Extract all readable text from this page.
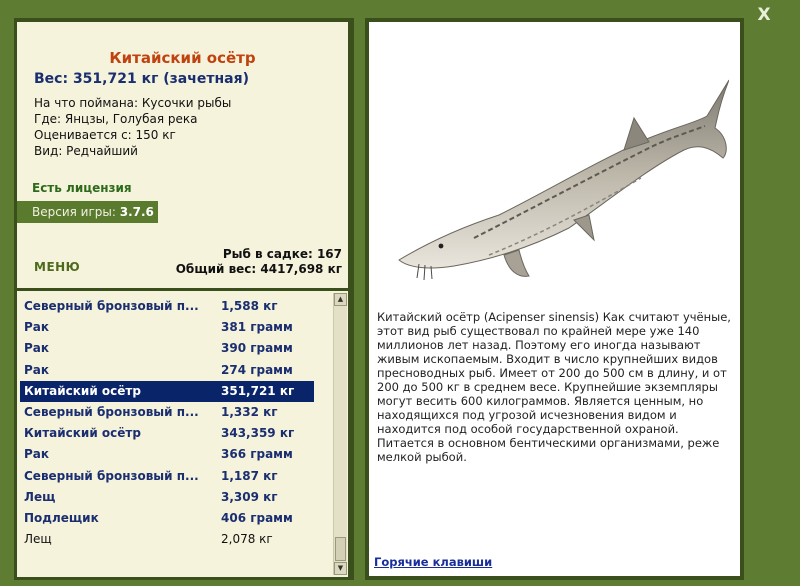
X
Китайский осётр
Вес: 351,721 кг (зачетная)
На что поймана: Кусочки рыбы
Где: Янцзы, Голубая река
Оценивается с: 150 кг
Вид: Редчайший
Есть лицензия
Версия игры: 3.7.6
МЕНЮ
Рыб в садке: 167
Общий вес: 4417,698 кг
Северный бронзовый п...	1,588 кг
Рак	381 грамм
Рак	390 грамм
Рак	274 грамм
Китайский осётр	351,721 кг
Северный бронзовый п...	1,332 кг
Китайский осётр	343,359 кг
Рак	366 грамм
Северный бронзовый п...	1,187 кг
Лещ	3,309 кг
Подлещик	406 грамм
Лещ	2,078 кг
▲
▼
Китайский осётр (Acipenser sinensis) Как считают учёные, этот вид рыб существовал по крайней мере уже 140 миллионов лет назад. Поэтому его иногда называют живым ископаемым. Входит в число крупнейших видов пресноводных рыб. Имеет от 200 до 500 см в длину, и от 200 до 500 кг в среднем весе. Крупнейшие экземпляры могут весить 600 килограммов. Является ценным, но находящихся под угрозой исчезновения видом и находится под особой государственной охраной. Питается в основном бентическими организмами, реже мелкой рыбой.
Горячие клавиши
